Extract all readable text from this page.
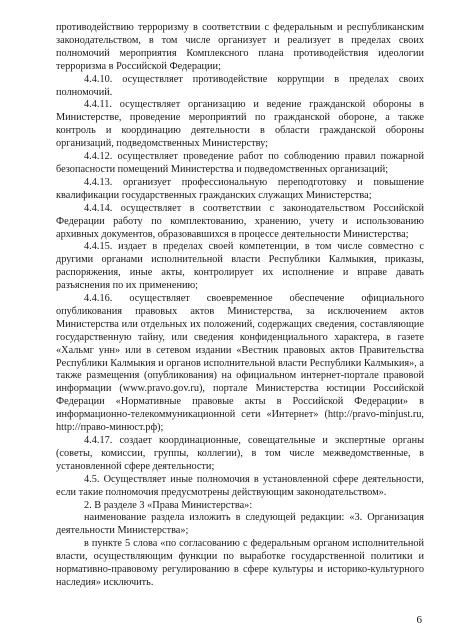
противодействию терроризму в соответствии с федеральным и республиканским законодательством, в том числе организует и реализует в пределах своих полномочий мероприятия Комплексного плана противодействия идеологии терроризма в Российской Федерации;

4.4.10. осуществляет противодействие коррупции в пределах своих полномочий.

4.4.11. осуществляет организацию и ведение гражданской обороны в Министерстве, проведение мероприятий по гражданской обороне, а также контроль и координацию деятельности в области гражданской обороны организаций, подведомственных Министерству;

4.4.12. осуществляет проведение работ по соблюдению правил пожарной безопасности помещений Министерства и подведомственных организаций;

4.4.13. организует профессиональную переподготовку и повышение квалификации государственных гражданских служащих Министерства;

4.4.14. осуществляет в соответствии с законодательством Российской Федерации работу по комплектованию, хранению, учету и использованию архивных документов, образовавшихся в процессе деятельности Министерства;

4.4.15. издает в пределах своей компетенции, в том числе совместно с другими органами исполнительной власти Республики Калмыкия, приказы, распоряжения, иные акты, контролирует их исполнение и вправе давать разъяснения по их применению;

4.4.16. осуществляет своевременное обеспечение официального опубликования правовых актов Министерства, за исключением актов Министерства или отдельных их положений, содержащих сведения, составляющие государственную тайну, или сведения конфиденциального характера, в газете «Хальмг унн» или в сетевом издании «Вестник правовых актов Правительства Республики Калмыкия и органов исполнительной власти Республики Калмыкия», а также размещения (опубликования) на официальном интернет-портале правовой информации (www.pravo.gov.ru), портале Министерства юстиции Российской Федерации «Нормативные правовые акты в Российской Федерации» в информационно-телекоммуникационной сети «Интернет» (http://pravo-minjust.ru, http://право-минюст.рф);

4.4.17. создает координационные, совещательные и экспертные органы (советы, комиссии, группы, коллегии), в том числе межведомственные, в установленной сфере деятельности;

4.5. Осуществляет иные полномочия в установленной сфере деятельности, если такие полномочия предусмотрены действующим законодательством».

2. В разделе 3 «Права Министерства»:

наименование раздела изложить в следующей редакции: «3. Организация деятельности Министерства»;

в пункте 5 слова «по согласованию с федеральным органом исполнительной власти, осуществляющим функции по выработке государственной политики и нормативно-правовому регулированию в сфере культуры и историко-культурного наследия» исключить.

6
